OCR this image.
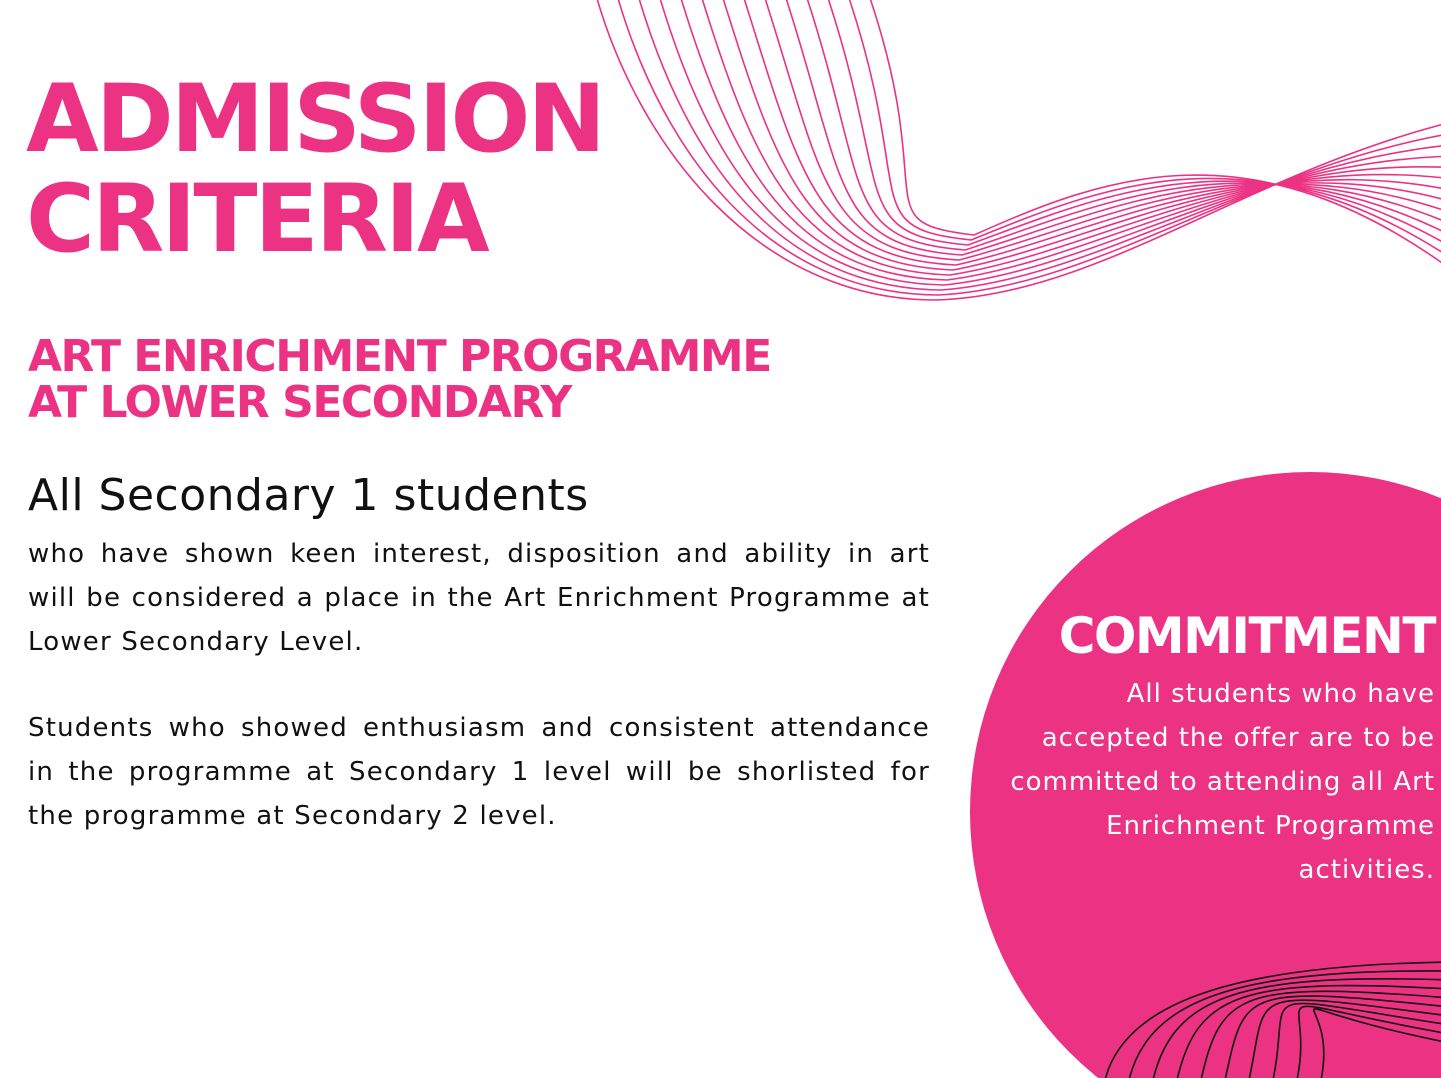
ADMISSION
CRITERIA
ART ENRICHMENT PROGRAMME
AT LOWER SECONDARY

All Secondary 1 students

who have shown keen interest, disposition and ability in art will be considered a place in the Art Enrichment Programme at Lower Secondary Level.

Students who showed enthusiasm and consistent attendance in the programme at Secondary 1 level will be shorlisted for the programme at Secondary 2 level.

COMMITMENT

All students who have accepted the offer are to be committed to attending all Art Enrichment Programme activities.
